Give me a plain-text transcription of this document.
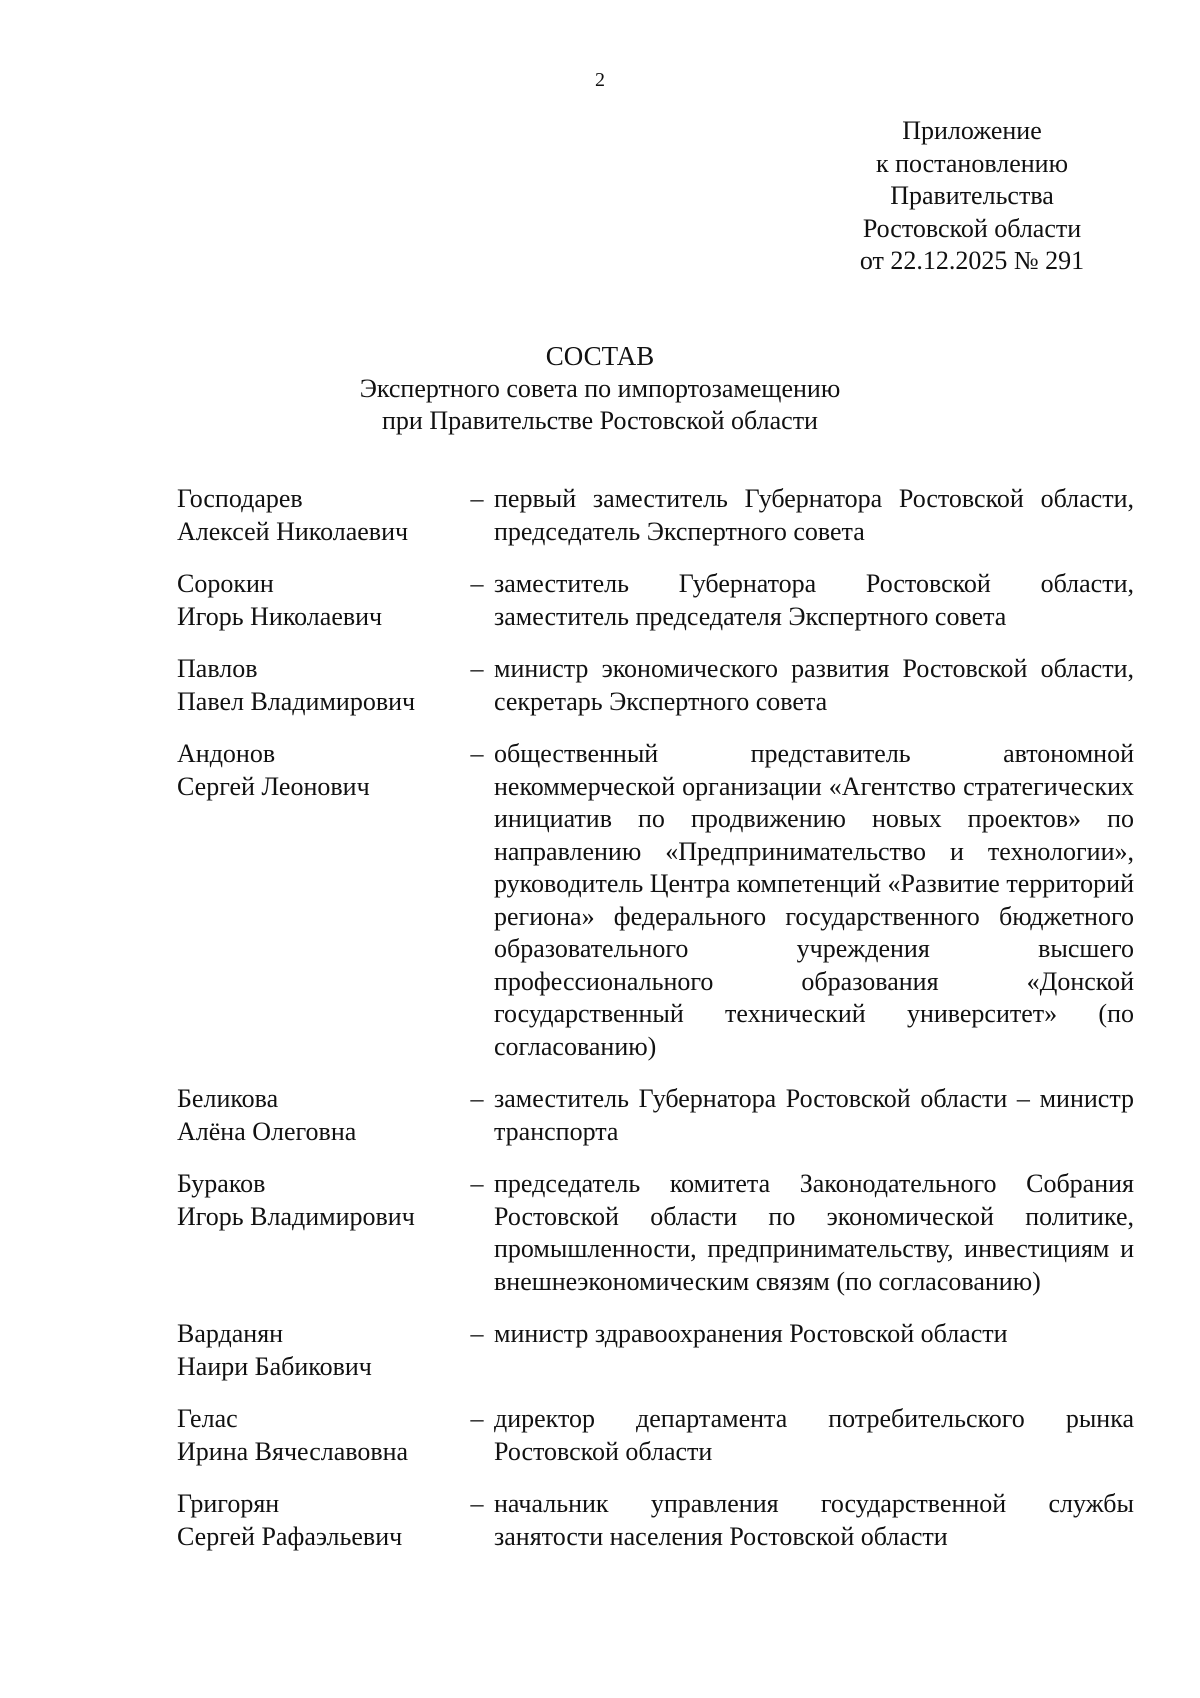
2
Приложение
к постановлению
Правительства
Ростовской области
от 22.12.2025 № 291
СОСТАВ
Экспертного совета по импортозамещению
при Правительстве Ростовской области
Господарев
Алексей Николаевич
– первый заместитель Губернатора Ростовской области, председатель Экспертного совета
Сорокин
Игорь Николаевич
– заместитель Губернатора Ростовской области, заместитель председателя Экспертного совета
Павлов
Павел Владимирович
– министр экономического развития Ростовской области, секретарь Экспертного совета
Андонов
Сергей Леонович
– общественный представитель автономной некоммерческой организации «Агентство стратегических инициатив по продвижению новых проектов» по направлению «Предпринимательство и технологии», руководитель Центра компетенций «Развитие территорий региона» федерального государственного бюджетного образовательного учреждения высшего профессионального образования «Донской государственный технический университет» (по согласованию)
Беликова
Алёна Олеговна
– заместитель Губернатора Ростовской области – министр транспорта
Бураков
Игорь Владимирович
– председатель комитета Законодательного Собрания Ростовской области по экономической политике, промышленности, предпринимательству, инвестициям и внешнеэкономическим связям (по согласованию)
Варданян
Наири Бабикович
– министр здравоохранения Ростовской области
Гелас
Ирина Вячеславовна
– директор департамента потребительского рынка Ростовской области
Григорян
Сергей Рафаэльевич
– начальник управления государственной службы занятости населения Ростовской области
